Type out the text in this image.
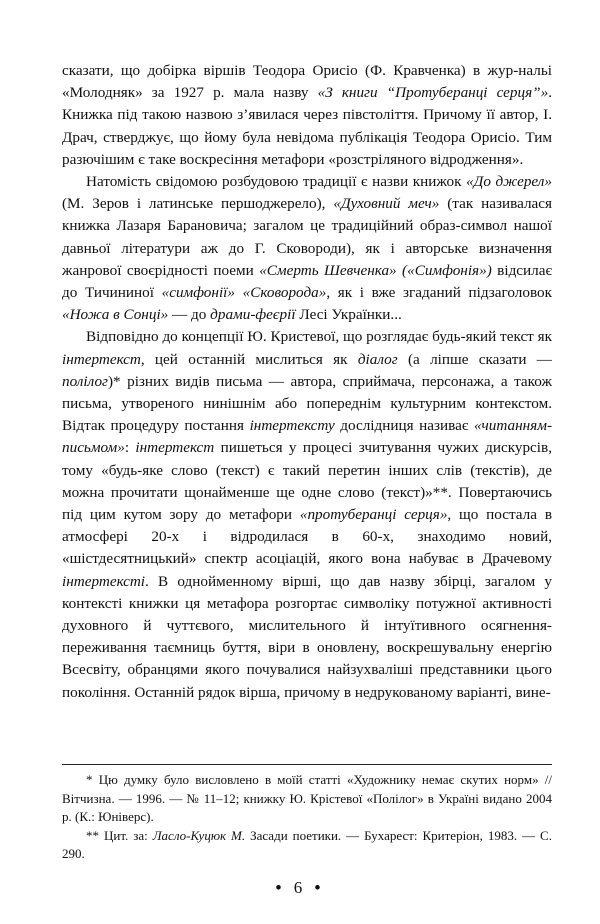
сказати, що добірка віршів Теодора Орисіо (Ф. Кравченка) в жур-нальі «Молодняк» за 1927 р. мала назву «З книги “Протуберанці серця”». Книжка під такою назвою з’явилася через півстоліття. Причому її автор, І. Драч, стверджує, що йому була невідома публікація Теодора Орисіо. Тим разючішим є таке воскресіння метафори «розстріляного відродження».

Натомість свідомою розбудовою традиції є назви книжок «До джерел» (М. Зеров і латинське першоджерело), «Духовний меч» (так називалася книжка Лазаря Барановича; загалом це традиційний образ-символ нашої давньої літератури аж до Г. Сковороди), як і авторське визначення жанрової своєрідності поеми «Смерть Шевченка» («Симфонія») відсилає до Тичининої «симфонії» «Сковорода», як і вже згаданий підзаголовок «Ножа в Сонці» — до драми-феєрії Лесі Українки...

Відповідно до концепції Ю. Кристевої, що розглядає будь-який текст як інтертекст, цей останній мислиться як діалог (а ліпше сказати — полілог)* різних видів письма — автора, сприймача, персонажа, а також письма, утвореного нинішнім або попереднім культурним контекстом. Відтак процедуру постання інтертексту дослідниця називає «читанням-письмом»: інтертекст пишеться у процесі зчитування чужих дискурсів, тому «будь-яке слово (текст) є такий перетин інших слів (текстів), де можна прочитати щонайменше ще одне слово (текст)»**. Повертаючись під цим кутом зору до метафори «протуберанці серця», що постала в атмосфері 20-х і відродилася в 60-х, знаходимо новий, «шістдесятницький» спектр асоціацій, якого вона набуває в Драчевому інтертексті. В однойменному вірші, що дав назву збірці, загалом у контексті книжки ця метафора розгортає символіку потужної активності духовного й чуттєвого, мислительного й інтуїтивного осягнення-переживання таємниць буття, віри в оновлену, воскрешувальну енергію Всесвіту, обранцями якого почувалися найзухваліші представники цього покоління. Останній рядок вірша, причому в недрукованому варіанті, вине-

* Цю думку було висловлено в моїй статті «Художнику немає скутих норм» // Вітчизна. — 1996. — № 11–12; книжку Ю. Крістевої «Полілог» в Україні видано 2004 р. (К.: Юніверс).

** Цит. за: Ласло-Куцюк М. Засади поетики. — Бухарест: Критеріон, 1983. — С. 290.

• 6 •
